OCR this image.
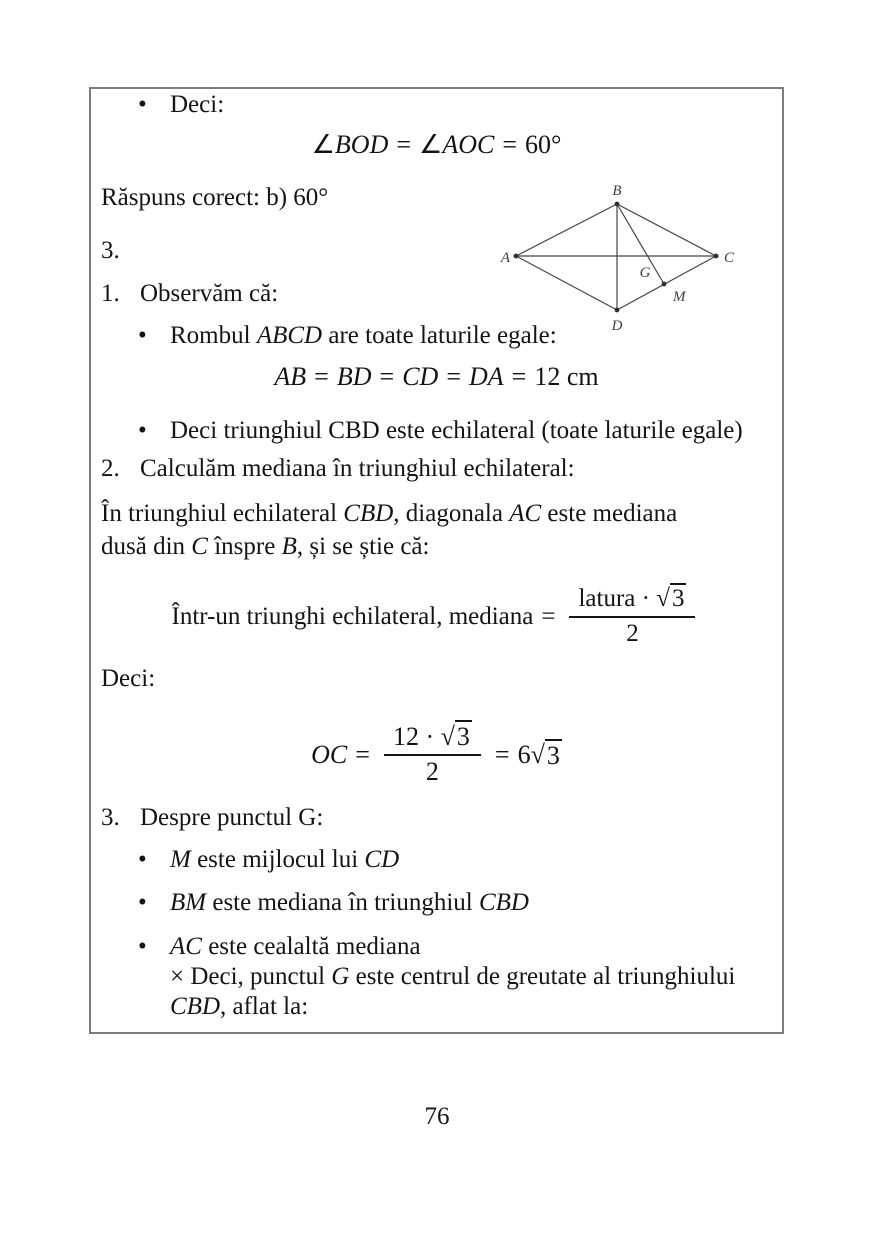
• Deci:
∠BOD = ∠AOC = 60°
Răspuns corect: b) 60°
3.
1. Observăm că:
• Rombul ABCD are toate laturile egale:
AB = BD = CD = DA = 12 cm
• Deci triunghiul CBD este echilateral (toate laturile egale)
2. Calculăm mediana în triunghiul echilateral:
În triunghiul echilateral CBD, diagonala AC este mediana
dusă din C înspre B, și se știe că:
Într-un triunghi echilateral, mediana = $\frac{\text{latura · √3}}{2}$
Deci:
OC = $\frac{12 \cdot √3}{2} = 6$ √ 3
3. Despre punctul G:
• M este mijlocul lui CD
• BM este mediana în triunghiul CBD
• AC este cealaltă mediana
× Deci, punctul G este centrul de greutate al triunghiului
CBD, aflat la:
A
B
C
D
G
M
76
